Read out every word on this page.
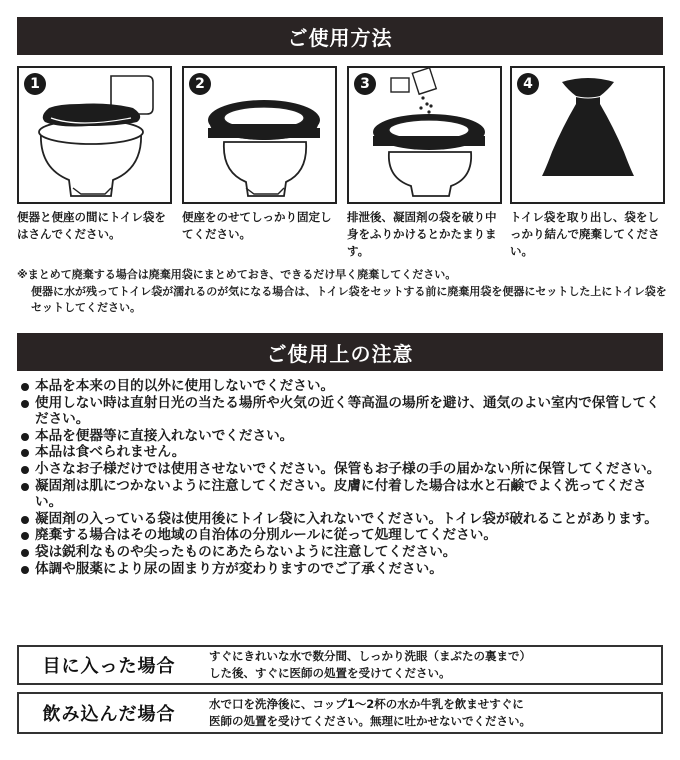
ご使用方法
1
便器と便座の間にトイレ袋をはさんでください。
2
便座をのせてしっかり固定してください。
3
排泄後、凝固剤の袋を破り中身をふりかけるとかたまります。
4
トイレ袋を取り出し、袋をしっかり結んで廃棄してください。
※まとめて廃棄する場合は廃棄用袋にまとめておき、できるだけ早く廃棄してください。
便器に水が残ってトイレ袋が濡れるのが気になる場合は、トイレ袋をセットする前に廃棄用袋を便器にセットした上にトイレ袋をセットしてください。
ご使用上の注意
本品を本来の目的以外に使用しないでください。
使用しない時は直射日光の当たる場所や火気の近く等高温の場所を避け、通気のよい室内で保管してください。
本品を便器等に直接入れないでください。
本品は食べられません。
小さなお子様だけでは使用させないでください。保管もお子様の手の届かない所に保管してください。
凝固剤は肌につかないように注意してください。皮膚に付着した場合は水と石鹸でよく洗ってください。
凝固剤の入っている袋は使用後にトイレ袋に入れないでください。トイレ袋が破れることがあります。
廃棄する場合はその地域の自治体の分別ルールに従って処理してください。
袋は鋭利なものや尖ったものにあたらないように注意してください。
体調や服薬により尿の固まり方が変わりますのでご了承ください。
目に入った場合	すぐにきれいな水で数分間、しっかり洗眼（まぶたの裏まで）
した後、すぐに医師の処置を受けてください。
飲み込んだ場合	水で口を洗浄後に、コップ1〜2杯の水か牛乳を飲ませすぐに
医師の処置を受けてください。無理に吐かせないでください。
